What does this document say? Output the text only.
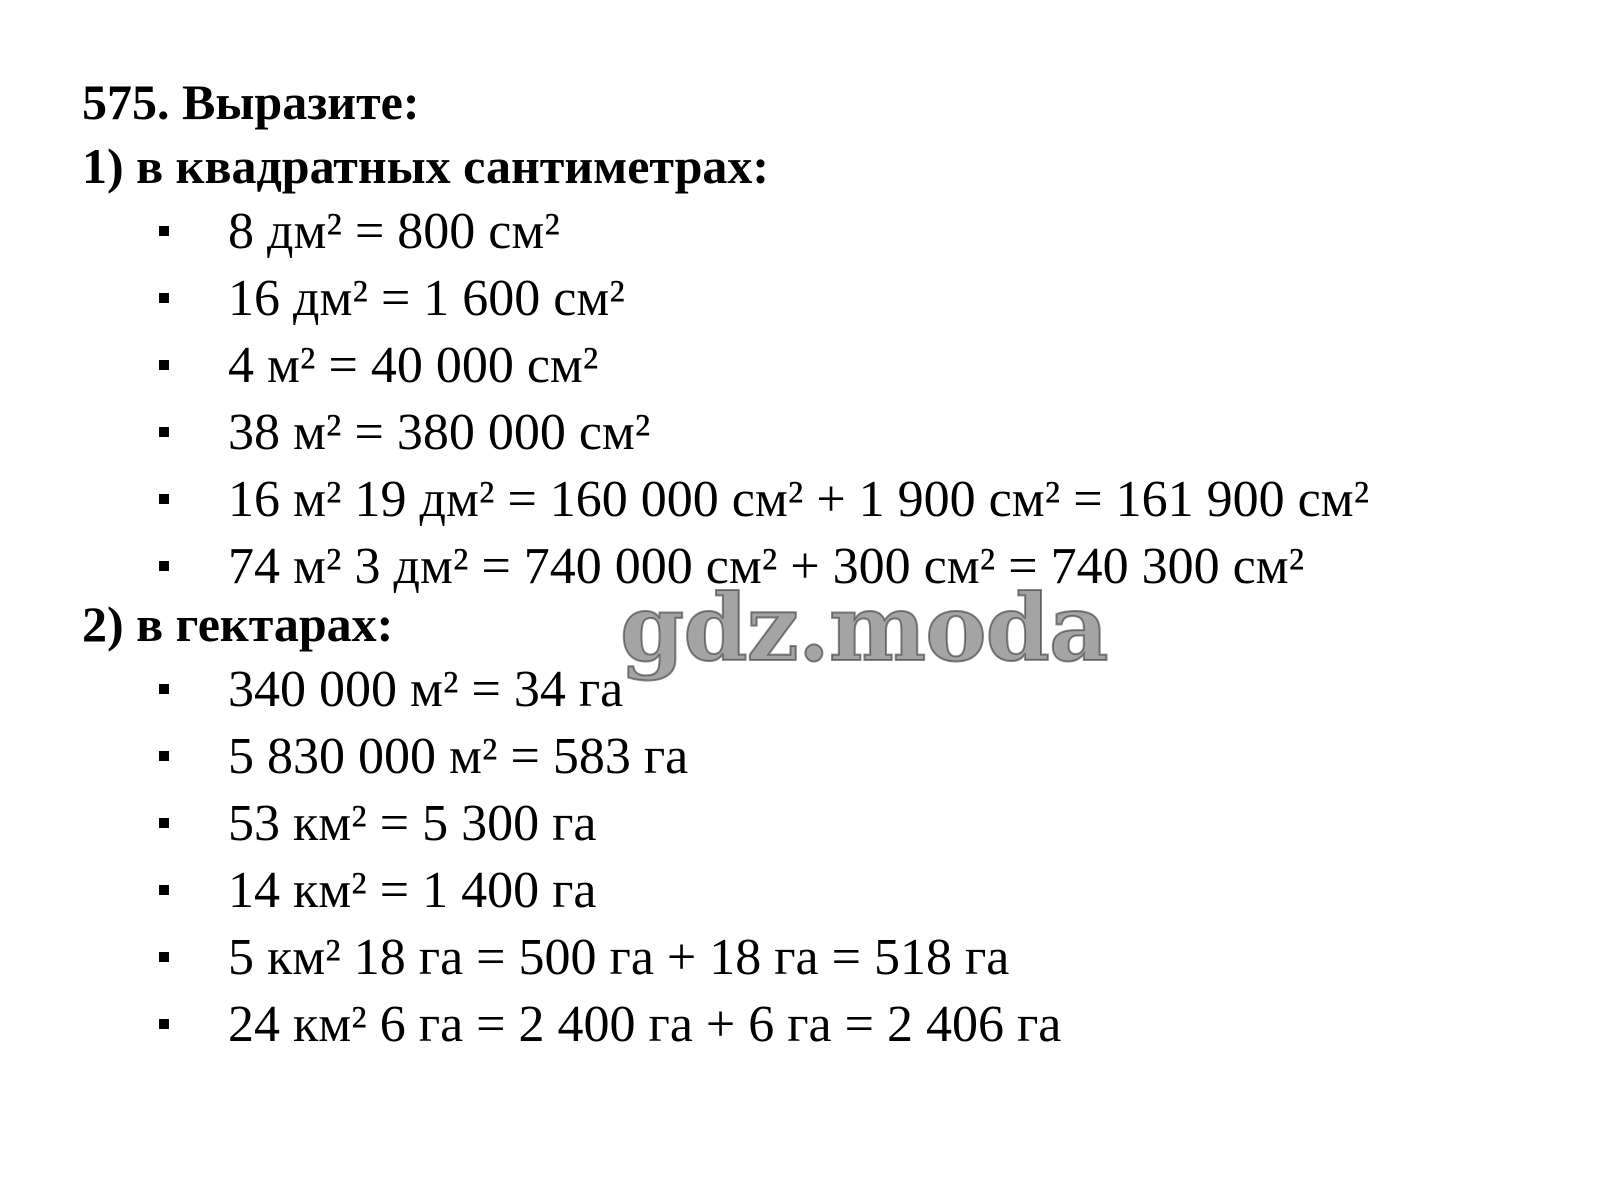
575. Выразите:
1) в квадратных сантиметрах:
8 дм² = 800 см²
16 дм² = 1 600 см²
4 м² = 40 000 см²
38 м² = 380 000 см²
16 м² 19 дм² = 160 000 см² + 1 900 см² = 161 900 см²
74 м² 3 дм² = 740 000 см² + 300 см² = 740 300 см²
2) в гектарах:
340 000 м² = 34 га
5 830 000 м² = 583 га
53 км² = 5 300 га
14 км² = 1 400 га
5 км² 18 га = 500 га + 18 га = 518 га
24 км² 6 га = 2 400 га + 6 га = 2 406 га
gdz.moda
